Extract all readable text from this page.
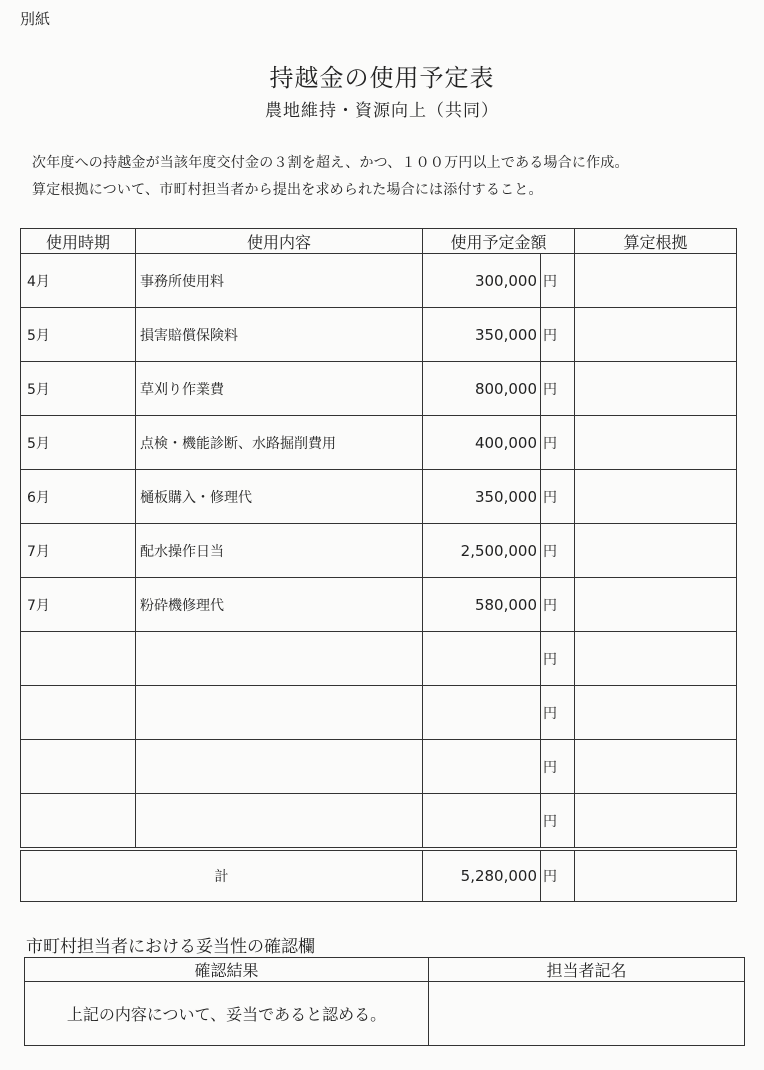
別紙
持越金の使用予定表
農地維持・資源向上（共同）
次年度への持越金が当該年度交付金の３割を超え、かつ、１００万円以上である場合に作成。
算定根拠について、市町村担当者から提出を求められた場合には添付すること。
使用時期	使用内容	使用予定金額		算定根拠
4月	事務所使用料	300,000	円	
5月	損害賠償保険料	350,000	円	
5月	草刈り作業費	800,000	円	
5月	点検・機能診断、水路掘削費用	400,000	円	
6月	樋板購入・修理代	350,000	円	
7月	配水操作日当	2,500,000	円	
7月	粉砕機修理代	580,000	円	
			円	
			円	
			円	
			円	
計		5,280,000	円	
市町村担当者における妥当性の確認欄
確認結果	担当者記名
上記の内容について、妥当であると認める。	
